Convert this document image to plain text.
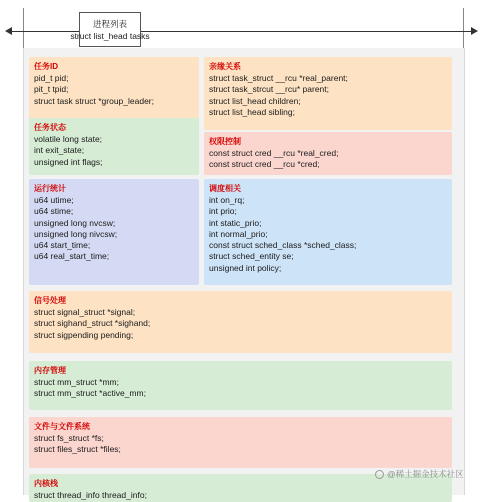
进程列表
struct list_head tasks
任务ID
pid_t pid;
pit_t tpid;
struct task struct *group_leader;
任务状态
volatile long state;
int exit_state;
unsigned int flags;
亲缘关系
struct task_struct __rcu *real_parent;
struct task_strcut __rcu* parent;
struct list_head children;
struct list_head sibling;
权限控制
const struct cred __rcu *real_cred;
const struct cred __rcu *cred;
运行统计
u64 utime;
u64 stime;
unsigned long nvcsw;
unsigned long nivcsw;
u64 start_time;
u64 real_start_time;
调度相关
int on_rq;
int prio;
int static_prio;
int normal_prio;
const struct sched_class *sched_class;
struct sched_entity se;
unsigned int policy;
信号处理
struct signal_struct *signal;
struct sighand_struct *sighand;
struct sigpending pending;
内存管理
struct mm_struct *mm;
struct mm_struct *active_mm;
文件与文件系统
struct fs_struct *fs;
struct files_struct *files;
内核栈
struct thread_info thread_info;
@稀土掘金技术社区
